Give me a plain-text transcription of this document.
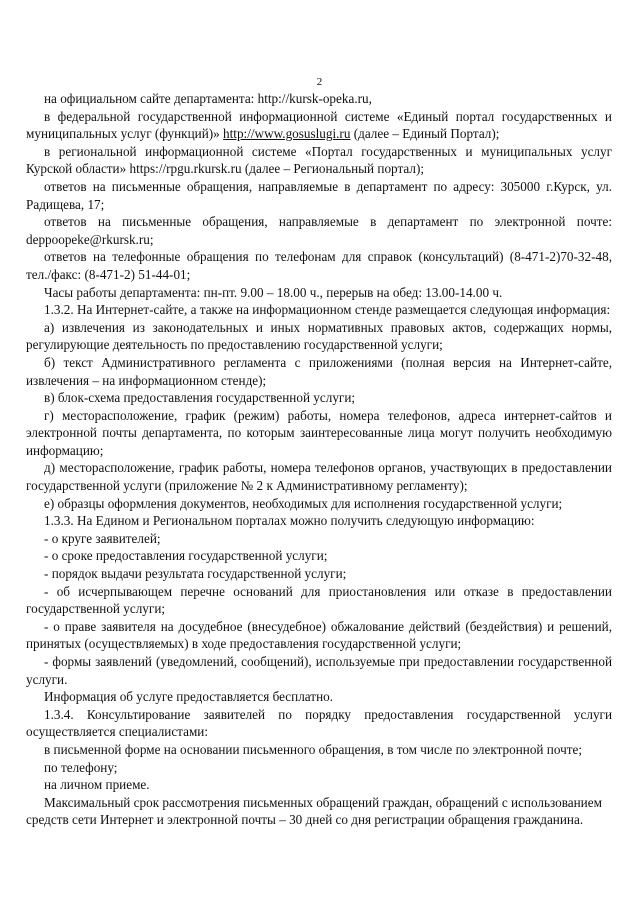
2

на официальном сайте департамента: http://kursk-opeka.ru,

в федеральной государственной информационной системе «Единый портал государственных и муниципальных услуг (функций)» http://www.gosuslugi.ru (далее – Единый Портал);

в региональной информационной системе «Портал государственных и муниципальных услуг Курской области» https://rpgu.rkursk.ru (далее – Региональный портал);

ответов на письменные обращения, направляемые в департамент по адресу: 305000 г.Курск, ул. Радищева, 17;

ответов на письменные обращения, направляемые в департамент по электронной почте: deppoopeke@rkursk.ru;

ответов на телефонные обращения по телефонам для справок (консультаций) (8-471-2)70-32-48, тел./факс: (8-471-2) 51-44-01;

Часы работы департамента: пн-пт. 9.00 – 18.00 ч., перерыв на обед: 13.00-14.00 ч.

1.3.2. На Интернет-сайте, а также на информационном стенде размещается следующая информация:

а) извлечения из законодательных и иных нормативных правовых актов, содержащих нормы, регулирующие деятельность по предоставлению государственной услуги;

б) текст Административного регламента с приложениями (полная версия на Интернет-сайте, извлечения – на информационном стенде);

в) блок-схема предоставления государственной услуги;

г) месторасположение, график (режим) работы, номера телефонов, адреса интернет-сайтов и электронной почты департамента, по которым заинтересованные лица могут получить необходимую информацию;

д) месторасположение, график работы, номера телефонов органов, участвующих в предоставлении государственной услуги (приложение № 2 к Административному регламенту);

е) образцы оформления документов, необходимых для исполнения государственной услуги;

1.3.3. На Едином и Региональном порталах можно получить следующую информацию:

- о круге заявителей;

- о сроке предоставления государственной услуги;

- порядок выдачи результата государственной услуги;

- об исчерпывающем перечне оснований для приостановления или отказе в предоставлении государственной услуги;

- о праве заявителя на досудебное (внесудебное) обжалование действий (бездействия) и решений, принятых (осуществляемых) в ходе предоставления государственной услуги;

- формы заявлений (уведомлений, сообщений), используемые при предоставлении государственной услуги.

Информация об услуге предоставляется бесплатно.

1.3.4. Консультирование заявителей по порядку предоставления государственной услуги осуществляется специалистами:

в письменной форме на основании письменного обращения, в том числе по электронной почте;

по телефону;

на личном приеме.

Максимальный срок рассмотрения письменных обращений граждан, обращений с использованием средств сети Интернет и электронной почты – 30 дней со дня регистрации обращения гражданина.
